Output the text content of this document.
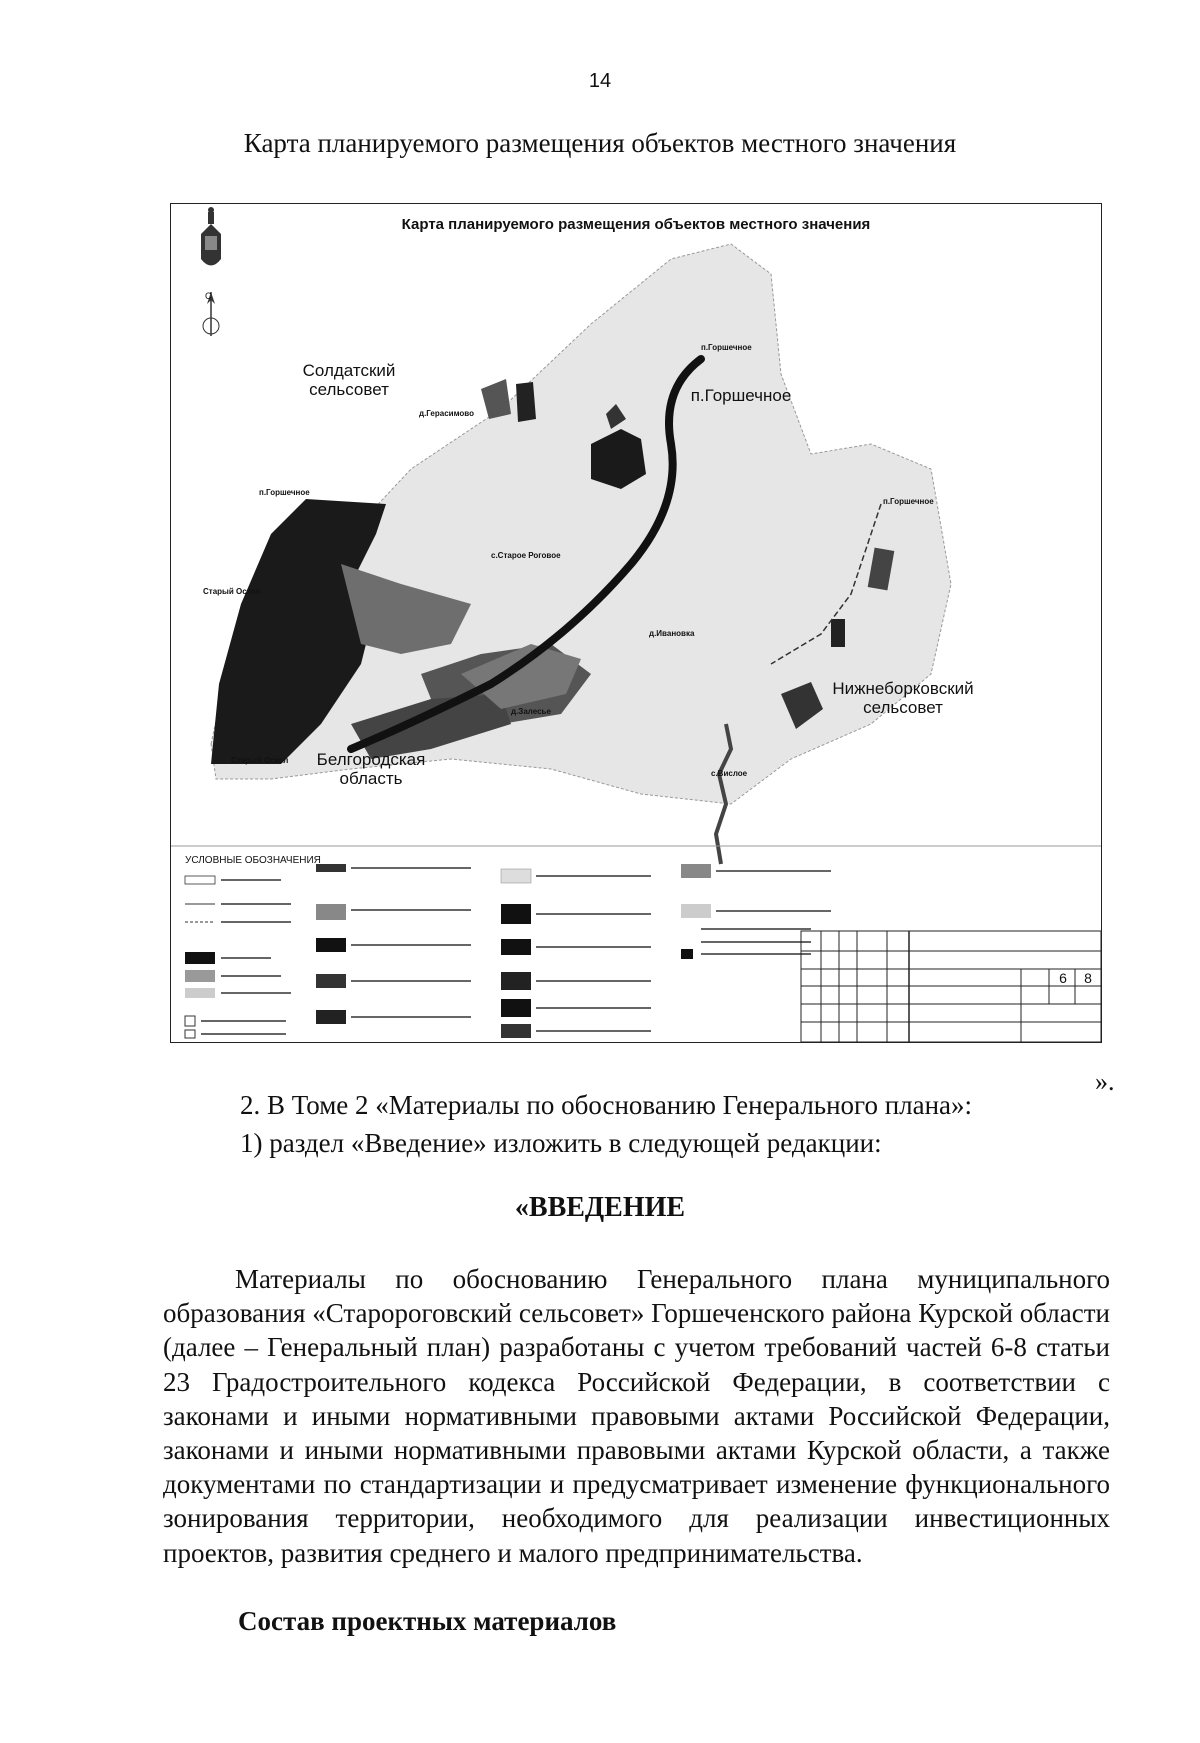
14
Карта планируемого размещения объектов местного значения
Карта планируемого размещения объектов местного значения
С
Солдатский
сельсовет	п.Горшечное
Нижнеборковский
сельсовет
Белгородская
область
п.Горшечное
д.Герасимово
п.Горшечное
п.Горшечное
с.Старое Роговое
Старый Оскол
д.Ивановка
д.Залесье
Старый Оскол
с.Вислое
УСЛОВНЫЕ ОБОЗНАЧЕНИЯ
6	8
».
2. В Томе 2 «Материалы по обоснованию Генерального плана»:
1) раздел «Введение» изложить в следующей редакции:
«ВВЕДЕНИЕ

Материалы по обоснованию Генерального плана муниципального образования «Старороговский сельсовет» Горшеченского района Курской области (далее – Генеральный план) разработаны с учетом требований частей 6-8 статьи 23 Градостроительного кодекса Российской Федерации, в соответствии с законами и иными нормативными правовыми актами Российской Федерации, законами и иными нормативными правовыми актами Курской области, а также документами по стандартизации и предусматривает изменение функционального зонирования территории, необходимого для реализации инвестиционных проектов, развития среднего и малого предпринимательства.

Состав проектных материалов
